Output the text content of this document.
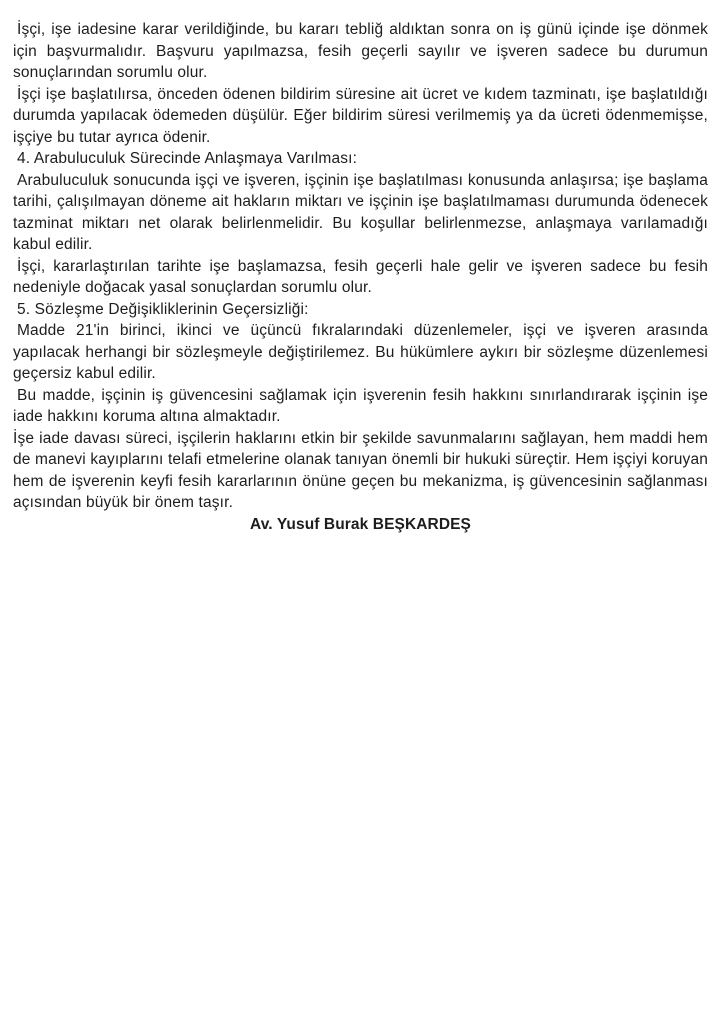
İşçi, işe iadesine karar verildiğinde, bu kararı tebliğ aldıktan sonra on iş günü içinde işe dönmek için başvurmalıdır. Başvuru yapılmazsa, fesih geçerli sayılır ve işveren sadece bu durumun sonuçlarından sorumlu olur.

İşçi işe başlatılırsa, önceden ödenen bildirim süresine ait ücret ve kıdem tazminatı, işe başlatıldığı durumda yapılacak ödemeden düşülür. Eğer bildirim süresi verilmemiş ya da ücreti ödenmemişse, işçiye bu tutar ayrıca ödenir.

4. Arabuluculuk Sürecinde Anlaşmaya Varılması:

Arabuluculuk sonucunda işçi ve işveren, işçinin işe başlatılması konusunda anlaşırsa; işe başlama tarihi, çalışılmayan döneme ait hakların miktarı ve işçinin işe başlatılmaması durumunda ödenecek tazminat miktarı net olarak belirlenmelidir. Bu koşullar belirlenmezse, anlaşmaya varılamadığı kabul edilir.

İşçi, kararlaştırılan tarihte işe başlamazsa, fesih geçerli hale gelir ve işveren sadece bu fesih nedeniyle doğacak yasal sonuçlardan sorumlu olur.

5. Sözleşme Değişikliklerinin Geçersizliği:

Madde 21'in birinci, ikinci ve üçüncü fıkralarındaki düzenlemeler, işçi ve işveren arasında yapılacak herhangi bir sözleşmeyle değiştirilemez. Bu hükümlere aykırı bir sözleşme düzenlemesi geçersiz kabul edilir.

Bu madde, işçinin iş güvencesini sağlamak için işverenin fesih hakkını sınırlandırarak işçinin işe iade hakkını koruma altına almaktadır.

İşe iade davası süreci, işçilerin haklarını etkin bir şekilde savunmalarını sağlayan, hem maddi hem de manevi kayıplarını telafi etmelerine olanak tanıyan önemli bir hukuki süreçtir. Hem işçiyi koruyan hem de işverenin keyfi fesih kararlarının önüne geçen bu mekanizma, iş güvencesinin sağlanması açısından büyük bir önem taşır.

Av. Yusuf Burak BEŞKARDEŞ
